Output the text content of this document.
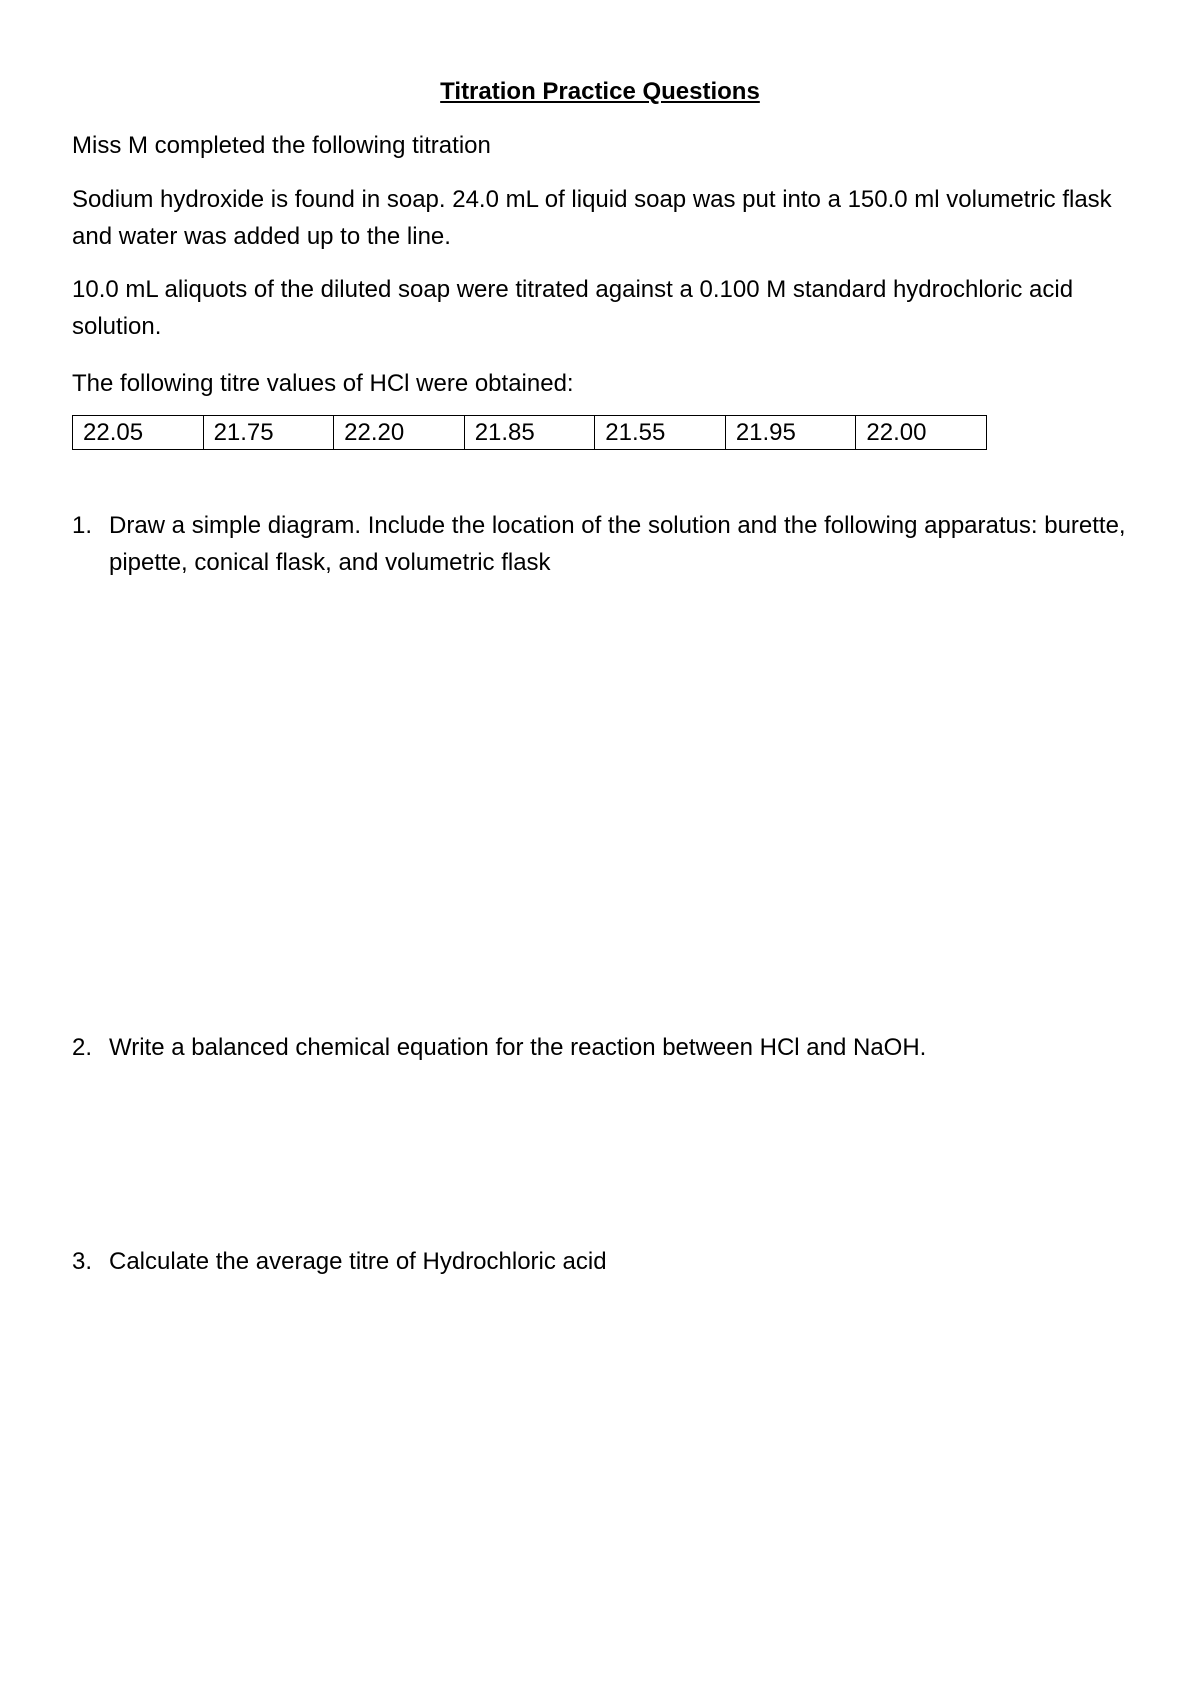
Titration Practice Questions
Miss M completed the following titration
Sodium hydroxide is found in soap. 24.0 mL of liquid soap was put into a 150.0 ml volumetric flask and water was added up to the line.
10.0 mL aliquots of the diluted soap were titrated against a 0.100 M standard hydrochloric acid solution.
The following titre values of HCl were obtained:
22.05	21.75	22.20	21.85	21.55	21.95	22.00
1. Draw a simple diagram. Include the location of the solution and the following apparatus: burette, pipette, conical flask, and volumetric flask
2. Write a balanced chemical equation for the reaction between HCl and NaOH.
3. Calculate the average titre of Hydrochloric acid
